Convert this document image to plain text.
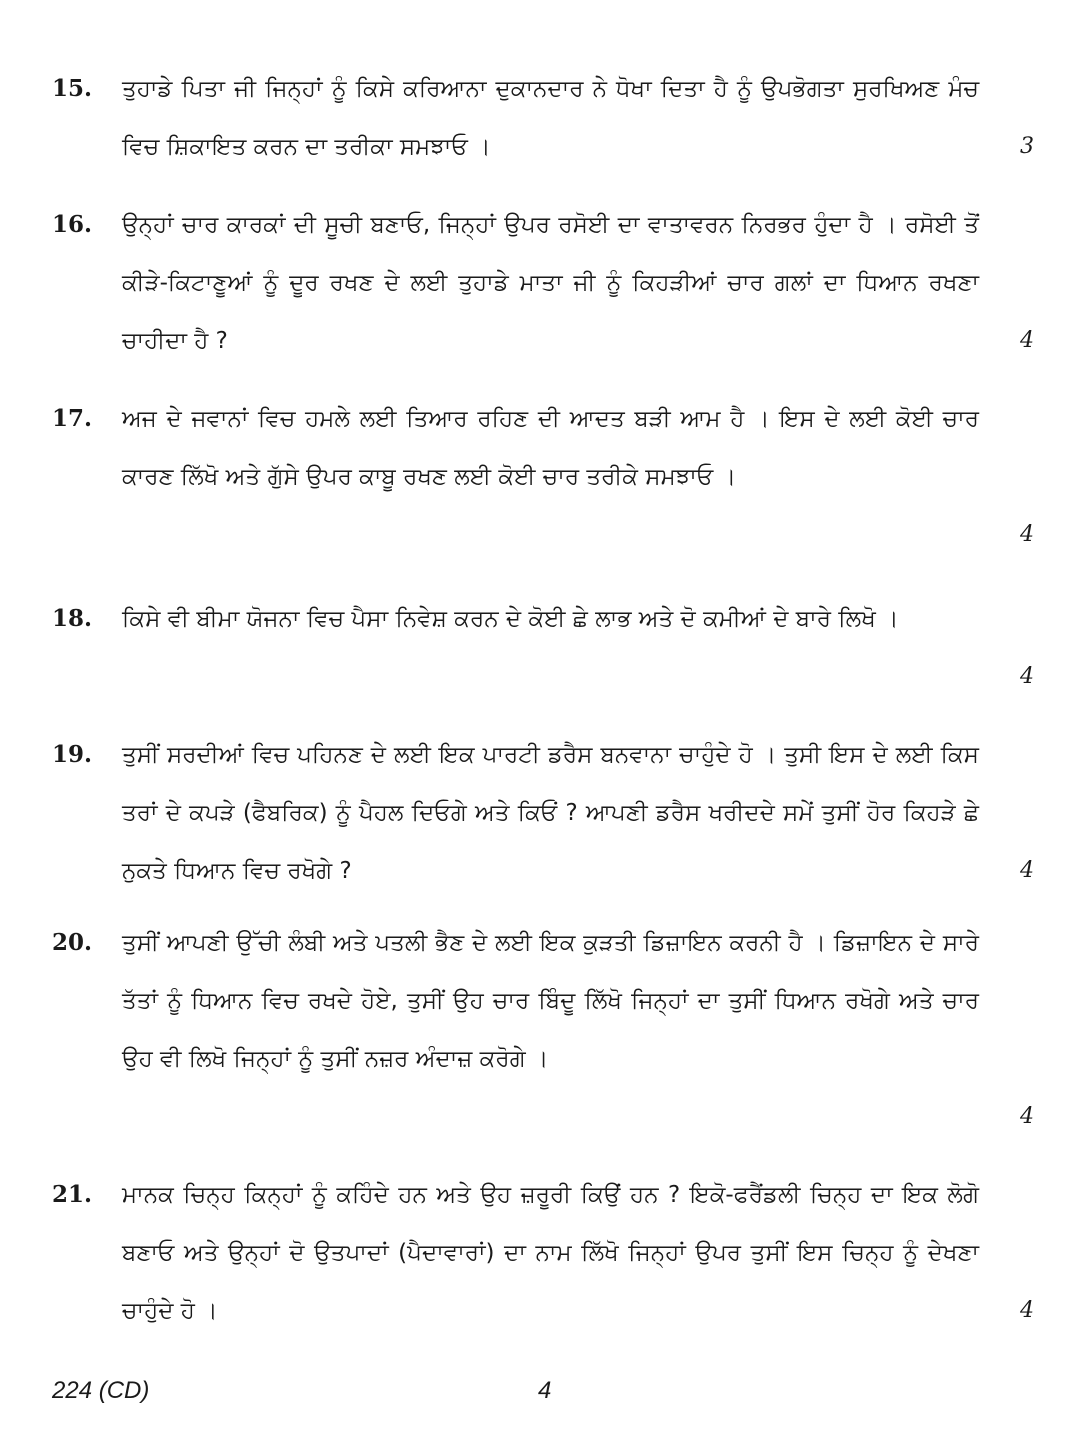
15. ਤੁਹਾਡੇ ਪਿਤਾ ਜੀ ਜਿਨ੍ਹਾਂ ਨੂੰ ਕਿਸੇ ਕਰਿਆਨਾ ਦੁਕਾਨਦਾਰ ਨੇ ਧੋਖਾ ਦਿਤਾ ਹੈ ਨੂੰ ਉਪਭੋਗਤਾ ਸੁਰਖਿਅਣ ਮੰਚ ਵਿਚ ਸ਼ਿਕਾਇਤ ਕਰਨ ਦਾ ਤਰੀਕਾ ਸਮਝਾਓ ।	3
16. ਉਨ੍ਹਾਂ ਚਾਰ ਕਾਰਕਾਂ ਦੀ ਸੂਚੀ ਬਣਾਓ, ਜਿਨ੍ਹਾਂ ਉਪਰ ਰਸੋਈ ਦਾ ਵਾਤਾਵਰਨ ਨਿਰਭਰ ਹੁੰਦਾ ਹੈ । ਰਸੋਈ ਤੋਂ ਕੀੜੇ-ਕਿਟਾਣੂਆਂ ਨੂੰ ਦੂਰ ਰਖਣ ਦੇ ਲਈ ਤੁਹਾਡੇ ਮਾਤਾ ਜੀ ਨੂੰ ਕਿਹੜੀਆਂ ਚਾਰ ਗਲਾਂ ਦਾ ਧਿਆਨ ਰਖਣਾ ਚਾਹੀਦਾ ਹੈ ?	4
17. ਅਜ ਦੇ ਜਵਾਨਾਂ ਵਿਚ ਹਮਲੇ ਲਈ ਤਿਆਰ ਰਹਿਣ ਦੀ ਆਦਤ ਬੜੀ ਆਮ ਹੈ । ਇਸ ਦੇ ਲਈ ਕੋਈ ਚਾਰ ਕਾਰਣ ਲਿੱਖੋ ਅਤੇ ਗੁੱਸੇ ਉਪਰ ਕਾਬੂ ਰਖਣ ਲਈ ਕੋਈ ਚਾਰ ਤਰੀਕੇ ਸਮਝਾਓ ।

4
18. ਕਿਸੇ ਵੀ ਬੀਮਾ ਯੋਜਨਾ ਵਿਚ ਪੈਸਾ ਨਿਵੇਸ਼ ਕਰਨ ਦੇ ਕੋਈ ਛੇ ਲਾਭ ਅਤੇ ਦੋ ਕਮੀਆਂ ਦੇ ਬਾਰੇ ਲਿਖੋ ।

4
19. ਤੁਸੀਂ ਸਰਦੀਆਂ ਵਿਚ ਪਹਿਨਣ ਦੇ ਲਈ ਇਕ ਪਾਰਟੀ ਡਰੈਸ ਬਨਵਾਨਾ ਚਾਹੁੰਦੇ ਹੋ । ਤੁਸੀ ਇਸ ਦੇ ਲਈ ਕਿਸ ਤਰਾਂ ਦੇ ਕਪੜੇ (ਫੈਬਰਿਕ) ਨੂੰ ਪੈਹਲ ਦਿਓਗੇ ਅਤੇ ਕਿਓਂ ? ਆਪਣੀ ਡਰੈਸ ਖਰੀਦਦੇ ਸਮੇਂ ਤੁਸੀਂ ਹੋਰ ਕਿਹੜੇ ਛੇ ਨੁਕਤੇ ਧਿਆਨ ਵਿਚ ਰਖੋਗੇ ?	4
20. ਤੁਸੀਂ ਆਪਣੀ ਉੱਚੀ ਲੰਬੀ ਅਤੇ ਪਤਲੀ ਭੈਣ ਦੇ ਲਈ ਇਕ ਕੁੜਤੀ ਡਿਜ਼ਾਇਨ ਕਰਨੀ ਹੈ । ਡਿਜ਼ਾਇਨ ਦੇ ਸਾਰੇ ਤੱਤਾਂ ਨੂੰ ਧਿਆਨ ਵਿਚ ਰਖਦੇ ਹੋਏ, ਤੁਸੀਂ ਉਹ ਚਾਰ ਬਿੰਦੂ ਲਿੱਖੋ ਜਿਨ੍ਹਾਂ ਦਾ ਤੁਸੀਂ ਧਿਆਨ ਰਖੋਗੇ ਅਤੇ ਚਾਰ ਉਹ ਵੀ ਲਿਖੋ ਜਿਨ੍ਹਾਂ ਨੂੰ ਤੁਸੀਂ ਨਜ਼ਰ ਅੰਦਾਜ਼ ਕਰੋਗੇ ।

4
21. ਮਾਨਕ ਚਿਨ੍ਹ ਕਿਨ੍ਹਾਂ ਨੂੰ ਕਹਿੰਦੇ ਹਨ ਅਤੇ ਉਹ ਜ਼ਰੂਰੀ ਕਿਉਂ ਹਨ ? ਇਕੋ-ਫਰੈਂਡਲੀ ਚਿਨ੍ਹ ਦਾ ਇਕ ਲੋਗੋ ਬਣਾਓ ਅਤੇ ਉਨ੍ਹਾਂ ਦੋ ਉਤਪਾਦਾਂ (ਪੈਦਾਵਾਰਾਂ) ਦਾ ਨਾਮ ਲਿੱਖੋ ਜਿਨ੍ਹਾਂ ਉਪਰ ਤੁਸੀਂ ਇਸ ਚਿਨ੍ਹ ਨੂੰ ਦੇਖਣਾ ਚਾਹੁੰਦੇ ਹੋ ।	4
224 (CD)	4
